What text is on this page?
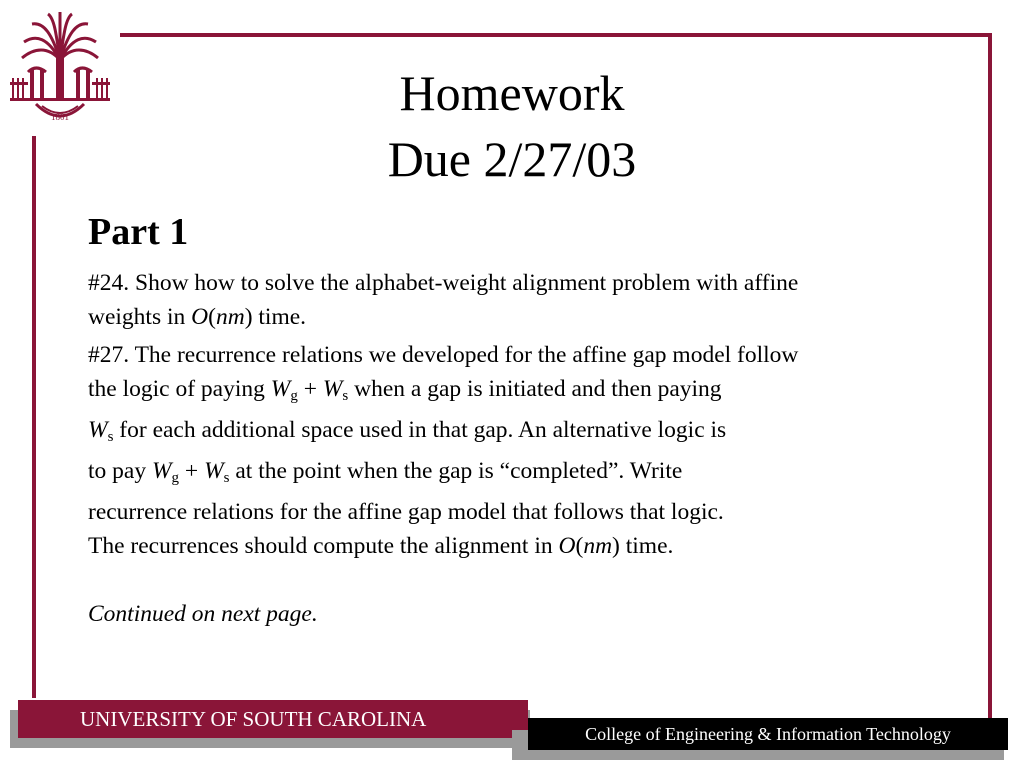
1801	Homework
Due 2/27/03
Part 1
#24. Show how to solve the alphabet-weight alignment problem with affine
weights in O(nm) time.
#27. The recurrence relations we developed for the affine gap model follow
the logic of paying $W_g + W_s$ when a gap is initiated and then paying
$W_s$ for each additional space used in that gap. An alternative logic is
to pay $W_g + W_s$ at the point when the gap is “completed”. Write
recurrence relations for the affine gap model that follows that logic.
The recurrences should compute the alignment in O(nm) time.
Continued on next page.
UNIVERSITY OF SOUTH CAROLINA
College of Engineering & Information Technology
